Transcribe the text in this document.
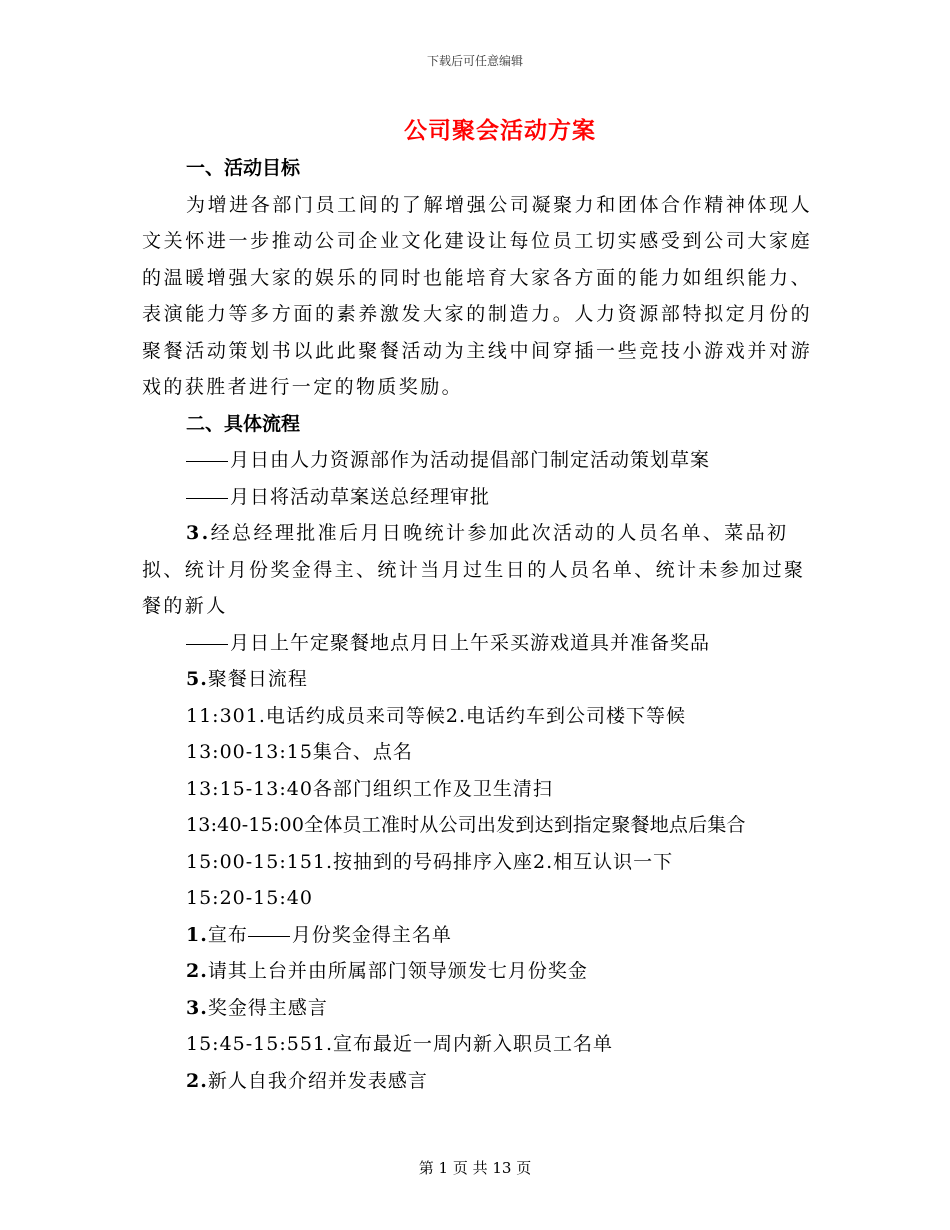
下载后可任意编辑
公司聚会活动方案
一、活动目标
为增进各部门员工间的了解增强公司凝聚力和团体合作精神体现人文关怀进一步推动公司企业文化建设让每位员工切实感受到公司大家庭的温暖增强大家的娱乐的同时也能培育大家各方面的能力如组织能力、表演能力等多方面的素养激发大家的制造力。人力资源部特拟定月份的聚餐活动策划书以此此聚餐活动为主线中间穿插一些竞技小游戏并对游戏的获胜者进行一定的物质奖励。
二、具体流程
月日由人力资源部作为活动提倡部门制定活动策划草案
月日将活动草案送总经理审批
3.经总经理批准后月日晚统计参加此次活动的人员名单、菜品初拟、统计月份奖金得主、统计当月过生日的人员名单、统计未参加过聚餐的新人
月日上午定聚餐地点月日上午采买游戏道具并准备奖品
5.聚餐日流程
11:301.电话约成员来司等候2.电话约车到公司楼下等候
13:00-13:15集合、点名
13:15-13:40各部门组织工作及卫生清扫
13:40-15:00全体员工准时从公司出发到达到指定聚餐地点后集合
15:00-15:151.按抽到的号码排序入座2.相互认识一下
15:20-15:40
1.宣布 月份奖金得主名单
2.请其上台并由所属部门领导颁发七月份奖金
3.奖金得主感言
15:45-15:551.宣布最近一周内新入职员工名单
2.新人自我介绍并发表感言
第 1 页 共 13 页
